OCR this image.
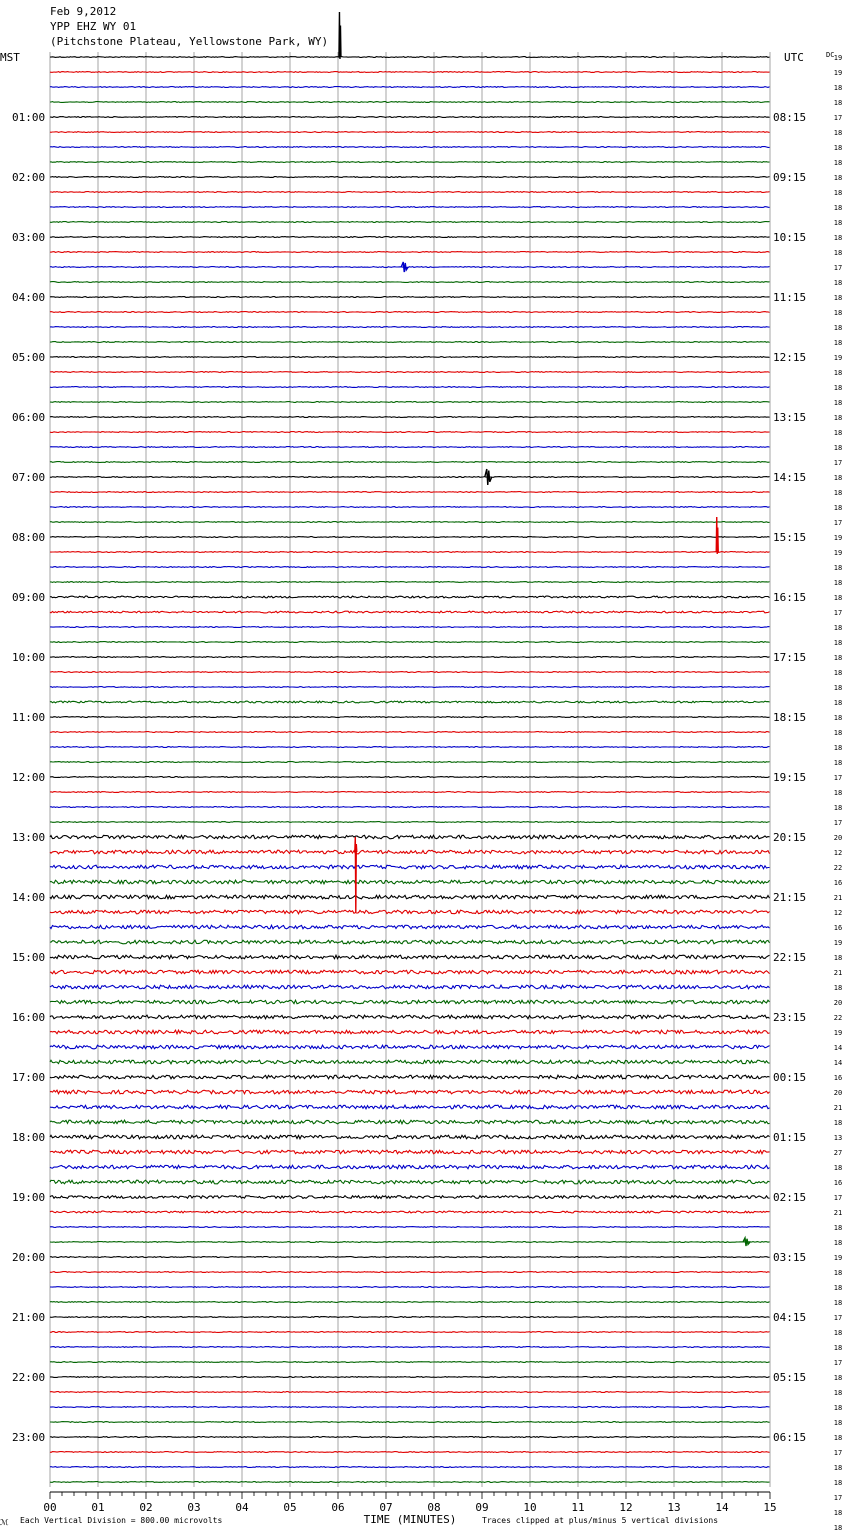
Feb 9,2012
YPP EHZ WY 01
(Pitchstone Plateau, Yellowstone Park, WY)
MST	UTC	DC
01:00
02:00
03:00
04:00
05:00
06:00
07:00
08:00
09:00
10:00
11:00
12:00
13:00
14:00
15:00
16:00
17:00
18:00
19:00
20:00
21:00
22:00
23:00
08:15
09:15
10:15
11:15
12:15
13:15
14:15
15:15
16:15
17:15
18:15
19:15
20:15
21:15
22:15
23:15
00:15
01:15
02:15
03:15
04:15
05:15
06:15
19
19
18
18
17
18
18
18
18
18
18
18
18
18
17
18
18
18
18
18
19
18
18
18
18
18
18
17
18
18
18
17
19
19
18
18
18
17
18
18
18
18
18
18
18
18
18
18
17
18
18
17
20
12
22
16
21
12
16
19
18
21
18
20
22
19
14
14
16
20
21
18
13
27
18
16
17
21
18
18
19
18
18
18
17
18
18
17
18
18
18
18
18
17
18
18
17
18
18
00	01	02	03	04	05	06	07	08	09	10	11	12	13	14	15
TIME (MINUTES)
Each Vertical Division = 800.00 microvolts	Traces clipped at plus/minus 5 vertical divisions
ℳ
